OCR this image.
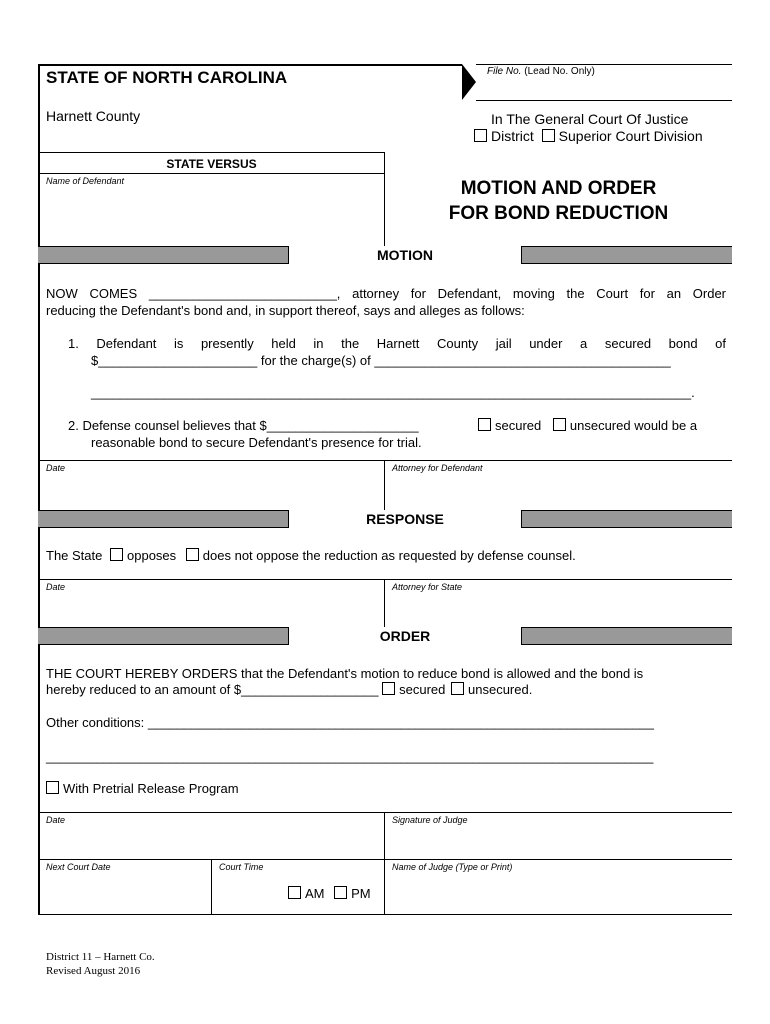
STATE OF NORTH CAROLINA
Harnett County
File No. (Lead No. Only)
In The General Court Of Justice
District Superior Court Division
STATE VERSUS
Name of Defendant	MOTION AND ORDER
FOR BOND REDUCTION
MOTION
NOW COMES __________________________, attorney for Defendant, moving the Court for an Order
reducing the Defendant's bond and, in support thereof, says and alleges as follows:
1. Defendant is presently held in the Harnett County jail under a secured bond of
$______________________ for the charge(s) of _________________________________________
___________________________________________________________________________________.
2. Defense counsel believes that $_____________________	secured unsecured would be a
reasonable bond to secure Defendant's presence for trial.
Date	Attorney for Defendant
RESPONSE
The State opposes does not oppose the reduction as requested by defense counsel.
Date	Attorney for State
ORDER
THE COURT HEREBY ORDERS that the Defendant's motion to reduce bond is allowed and the bond is
hereby reduced to an amount of $___________________ secured unsecured.
Other conditions: ______________________________________________________________________
____________________________________________________________________________________
With Pretrial Release Program
Date	Signature of Judge
Next Court Date	Court Time	Name of Judge (Type or Print)
AM PM
District 11 – Harnett Co.
Revised August 2016
